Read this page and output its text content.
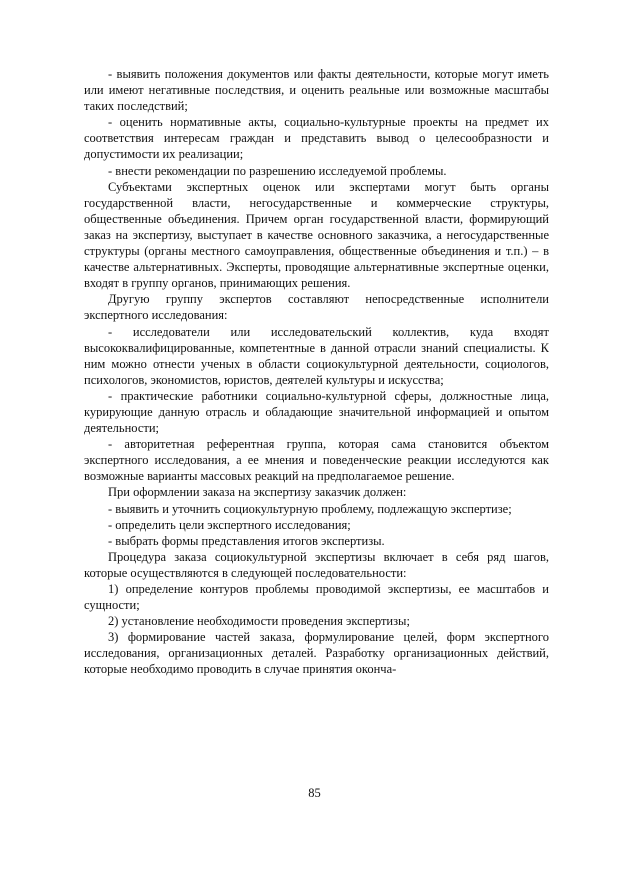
- выявить положения документов или факты деятельности, которые могут иметь или имеют негативные последствия, и оценить реальные или возможные масштабы таких последствий;

- оценить нормативные акты, социально-культурные проекты на предмет их соответствия интересам граждан и представить вывод о целесообразности и допустимости их реализации;

- внести рекомендации по разрешению исследуемой проблемы.

Субъектами экспертных оценок или экспертами могут быть органы государственной власти, негосударственные и коммерческие структуры, общественные объединения. Причем орган государственной власти, формирующий заказ на экспертизу, выступает в качестве основного заказчика, а негосударственные структуры (органы местного самоуправления, общественные объединения и т.п.) – в качестве альтернативных. Эксперты, проводящие альтернативные экспертные оценки, входят в группу органов, принимающих решения.

Другую группу экспертов составляют непосредственные исполнители экспертного исследования:

- исследователи или исследовательский коллектив, куда входят высококвалифицированные, компетентные в данной отрасли знаний специалисты. К ним можно отнести ученых в области социокультурной деятельности, социологов, психологов, экономистов, юристов, деятелей культуры и искусства;

- практические работники социально-культурной сферы, должностные лица, курирующие данную отрасль и обладающие значительной информацией и опытом деятельности;

- авторитетная референтная группа, которая сама становится объектом экспертного исследования, а ее мнения и поведенческие реакции исследуются как возможные варианты массовых реакций на предполагаемое решение.

При оформлении заказа на экспертизу заказчик должен:

- выявить и уточнить социокультурную проблему, подлежащую экспертизе;

- определить цели экспертного исследования;

- выбрать формы представления итогов экспертизы.

Процедура заказа социокультурной экспертизы включает в себя ряд шагов, которые осуществляются в следующей последовательности:

1) определение контуров проблемы проводимой экспертизы, ее масштабов и сущности;

2) установление необходимости проведения экспертизы;

3) формирование частей заказа, формулирование целей, форм экспертного исследования, организационных деталей. Разработку организационных действий, которые необходимо проводить в случае принятия оконча-

85
